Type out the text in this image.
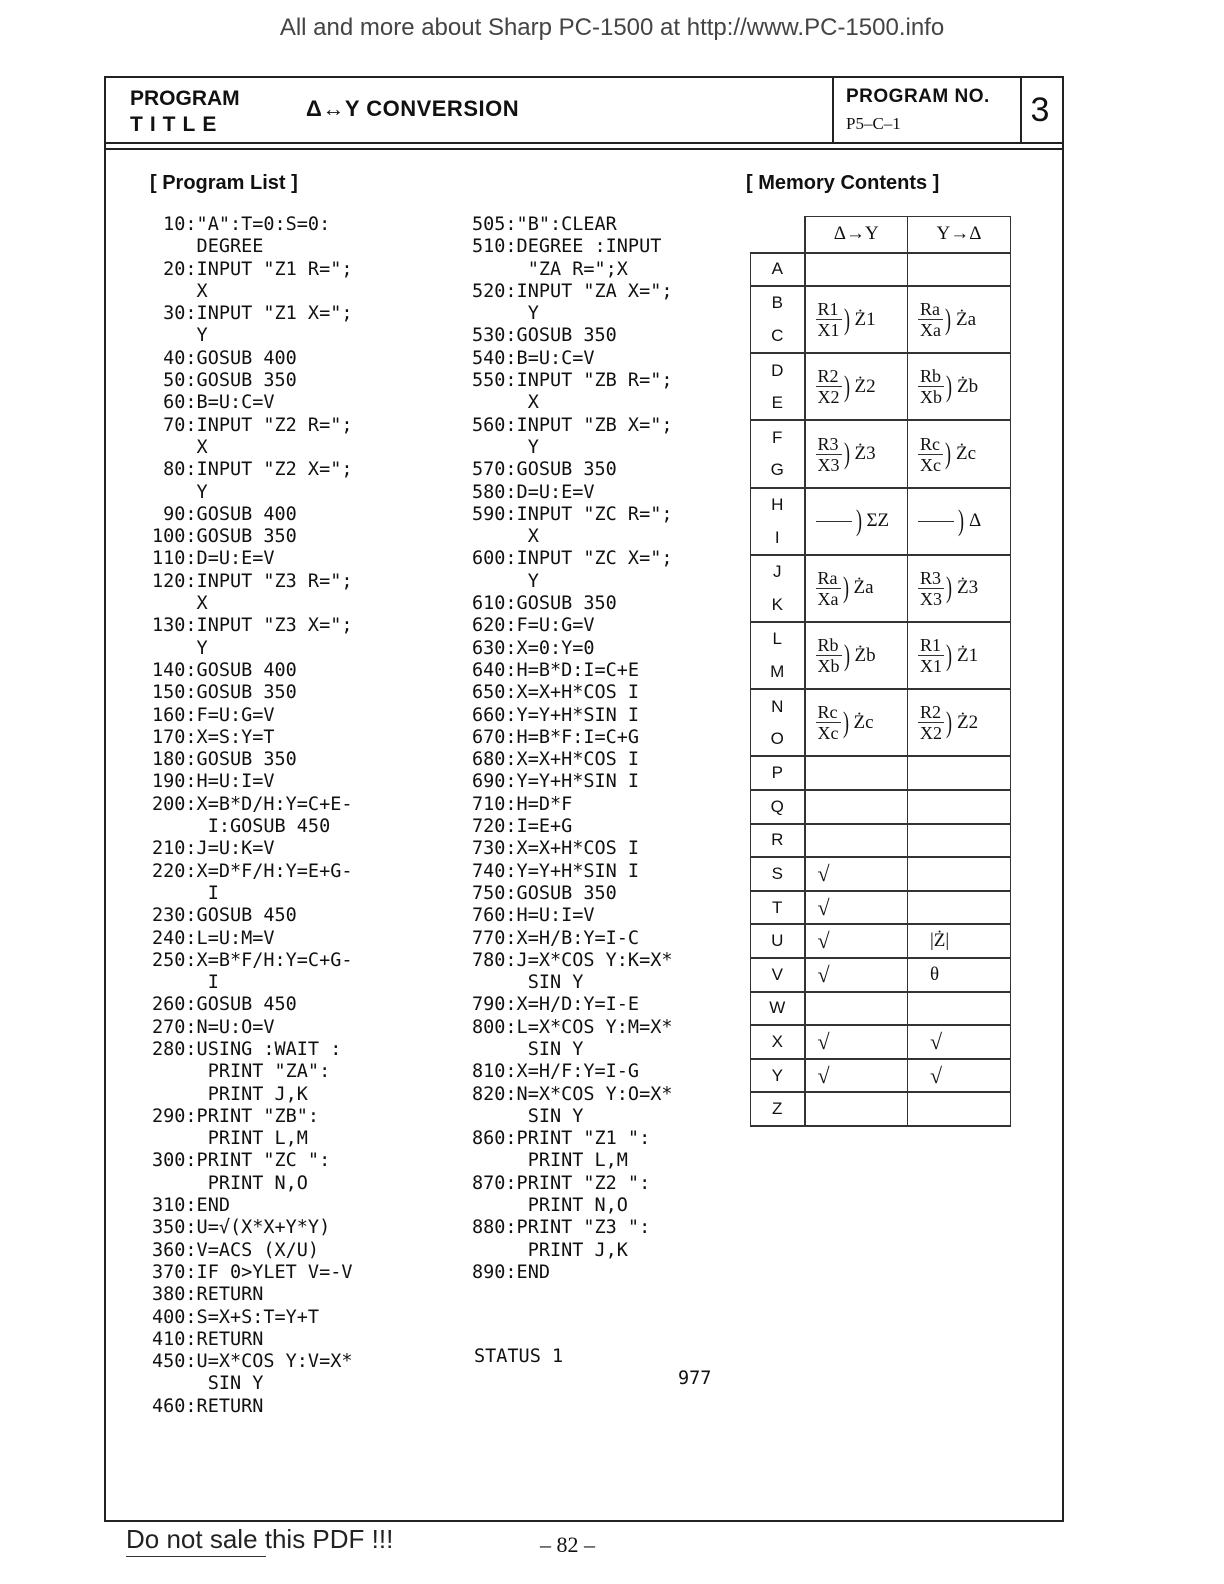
All and more about Sharp PC-1500 at http://www.PC-1500.info
PROGRAM
TITLE
Δ↔Y CONVERSION	PROGRAM NO.
P5–C–1	3
[ Program List ]	[ Memory Contents ]
10:"A":T=0:S=0:
DEGREE
20:INPUT "Z1 R=";
X
30:INPUT "Z1 X=";
Y
40:GOSUB 400
50:GOSUB 350
60:B=U:C=V
70:INPUT "Z2 R=";
X
80:INPUT "Z2 X=";
Y
90:GOSUB 400
100:GOSUB 350
110:D=U:E=V
120:INPUT "Z3 R=";
X
130:INPUT "Z3 X=";
Y
140:GOSUB 400
150:GOSUB 350
160:F=U:G=V
170:X=S:Y=T
180:GOSUB 350
190:H=U:I=V
200:X=B*D/H:Y=C+E-
I:GOSUB 450
210:J=U:K=V
220:X=D*F/H:Y=E+G-
I
230:GOSUB 450
240:L=U:M=V
250:X=B*F/H:Y=C+G-
I
260:GOSUB 450
270:N=U:O=V
280:USING :WAIT :
PRINT "ZA":
PRINT J,K
290:PRINT "ZB":
PRINT L,M
300:PRINT "ZC ":
PRINT N,O
310:END
350:U=√(X*X+Y*Y)
360:V=ACS (X/U)
370:IF 0>YLET V=-V
380:RETURN
400:S=X+S:T=Y+T
410:RETURN
450:U=X*COS Y:V=X*
SIN Y
460:RETURN
505:"B":CLEAR
510:DEGREE :INPUT
"ZA R=";X
520:INPUT "ZA X=";
Y
530:GOSUB 350
540:B=U:C=V
550:INPUT "ZB R=";
X
560:INPUT "ZB X=";
Y
570:GOSUB 350
580:D=U:E=V
590:INPUT "ZC R=";
X
600:INPUT "ZC X=";
Y
610:GOSUB 350
620:F=U:G=V
630:X=0:Y=0
640:H=B*D:I=C+E
650:X=X+H*COS I
660:Y=Y+H*SIN I
670:H=B*F:I=C+G
680:X=X+H*COS I
690:Y=Y+H*SIN I
710:H=D*F
720:I=E+G
730:X=X+H*COS I
740:Y=Y+H*SIN I
750:GOSUB 350
760:H=U:I=V
770:X=H/B:Y=I-C
780:J=X*COS Y:K=X*
SIN Y
790:X=H/D:Y=I-E
800:L=X*COS Y:M=X*
SIN Y
810:X=H/F:Y=I-G
820:N=X*COS Y:O=X*
SIN Y
860:PRINT "Z1 ":
PRINT L,M
870:PRINT "Z2 ":
PRINT N,O
880:PRINT "Z3 ":
PRINT J,K
890:END
	Δ→Y	Y→Δ
A		
B	$\frac{R1}{X1}$ ) Ż1	$\frac{Ra}{Xa}$ ) Ża

C		
D	$\frac{R2}{X2}$ ) Ż2	$\frac{Rb}{Xb}$ ) Żb

E		
F	$\frac{R3}{X3}$ ) Ż3	$\frac{Rc}{Xc}$ ) Żc

G		
H	) ΣZ	) Δ

I		
J	$\frac{Ra}{Xa}$ ) Ża	$\frac{R3}{X3}$ ) Ż3

K		
L	$\frac{Rb}{Xb}$ ) Żb	$\frac{R1}{X1}$ ) Ż1

M		
N	$\frac{Rc}{Xc}$ ) Żc	$\frac{R2}{X2}$ ) Ż2

O		
P		
Q		
R		
S	√	
T	√	
U	√	|Ż|
V	√	θ
W		
X	√	√
Y	√	√
Z		
STATUS 1
977
Do not sale this PDF !!!	– 82 –
